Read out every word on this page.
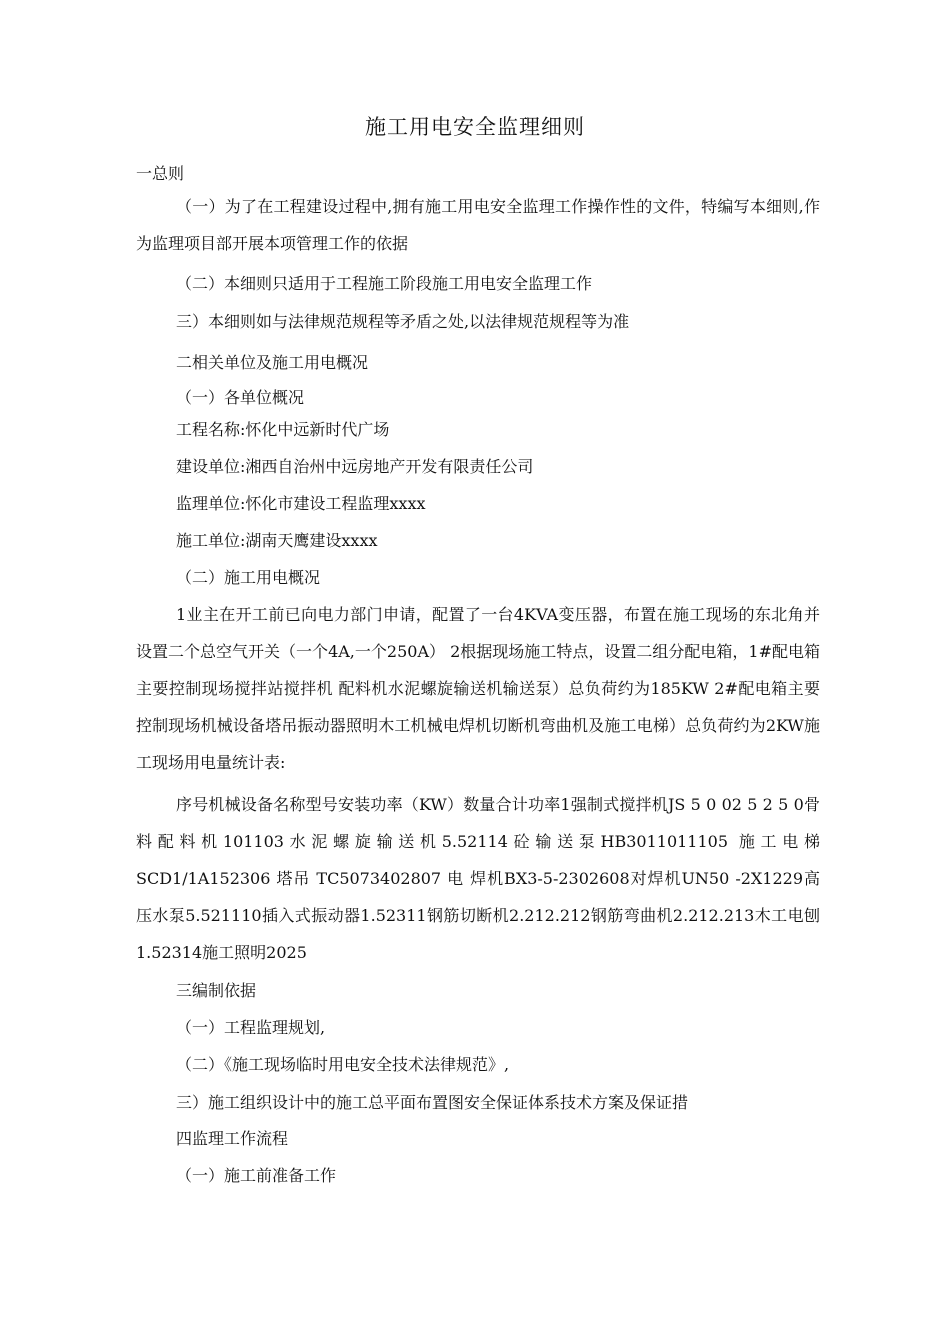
施工用电安全监理细则
一总则
（一）为了在工程建设过程中,拥有施工用电安全监理工作操作性的文件，特编写本细则,作为监理项目部开展本项管理工作的依据
（二）本细则只适用于工程施工阶段施工用电安全监理工作
三）本细则如与法律规范规程等矛盾之处,以法律规范规程等为准
二相关单位及施工用电概况
（一）各单位概况
工程名称:怀化中远新时代广场
建设单位:湘西自治州中远房地产开发有限责任公司
监理单位:怀化市建设工程监理xxxx
施工单位:湖南天鹰建设xxxx
（二）施工用电概况
1业主在开工前已向电力部门申请，配置了一台4KVA变压器，布置在施工现场的东北角并设置二个总空气开关（一个4A,一个250A） 2根据现场施工特点，设置二组分配电箱，1#配电箱主要控制现场搅拌站搅拌机 配料机水泥螺旋输送机输送泵）总负荷约为185KW 2#配电箱主要控制现场机械设备塔吊振动器照明木工机械电焊机切断机弯曲机及施工电梯）总负荷约为2KW施工现场用电量统计表:
序号机械设备名称型号安装功率（KW）数量合计功率1强制式搅拌机JS 5 0 02 5 2 5 0骨料配料机101103水泥螺旋输送机5.52114砼输送泵HB3011011105 施工电梯SCD1/1A152306 塔吊 TC5073402807 电 焊机BX3-5-2302608对焊机UN50 -2X1229高压水泵5.521110插入式振动器1.52311钢筋切断机2.212.212钢筋弯曲机2.212.213木工电刨1.52314施工照明2025
三编制依据
（一）工程监理规划,
（二）《施工现场临时用电安全技术法律规范》,
三）施工组织设计中的施工总平面布置图安全保证体系技术方案及保证措
四监理工作流程
（一）施工前准备工作
